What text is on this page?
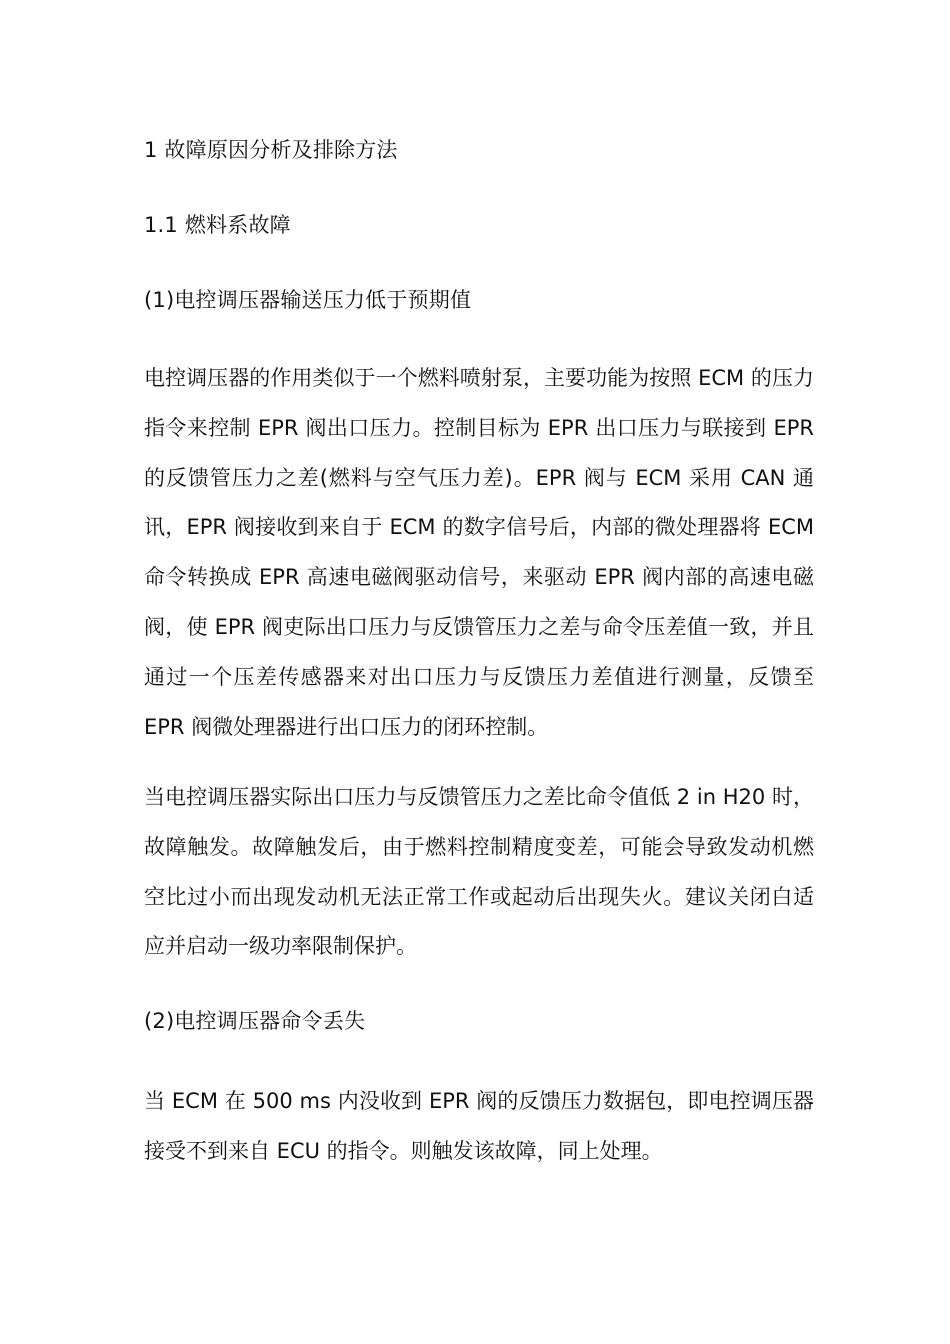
1 故障原因分析及排除方法
1.1 燃料系故障
(1)电控调压器输送压力低于预期值

电控调压器的作用类似于一个燃料喷射泵，主要功能为按照 ECM 的压力指令来控制 EPR 阀出口压力。控制目标为 EPR 出口压力与联接到 EPR 的反馈管压力之差(燃料与空气压力差)。EPR 阀与 ECM 采用 CAN 通讯，EPR 阀接收到来自于 ECM 的数字信号后，内部的微处理器将 ECM 命令转换成 EPR 高速电磁阀驱动信号，来驱动 EPR 阀内部的高速电磁阀，使 EPR 阀吏际出口压力与反馈管压力之差与命令压差值一致，并且通过一个压差传感器来对出口压力与反馈压力差值进行测量，反馈至 EPR 阀微处理器进行出口压力的闭环控制。

当电控调压器实际出口压力与反馈管压力之差比命令值低 2 in H20 时，故障触发。故障触发后，由于燃料控制精度变差，可能会导致发动机燃空比过小而出现发动机无法正常工作或起动后出现失火。建议关闭白适应并启动一级功率限制保护。

(2)电控调压器命令丢失

当 ECM 在 500 ms 内没收到 EPR 阀的反馈压力数据包，即电控调压器接受不到来自 ECU 的指令。则触发该故障，同上处理。
